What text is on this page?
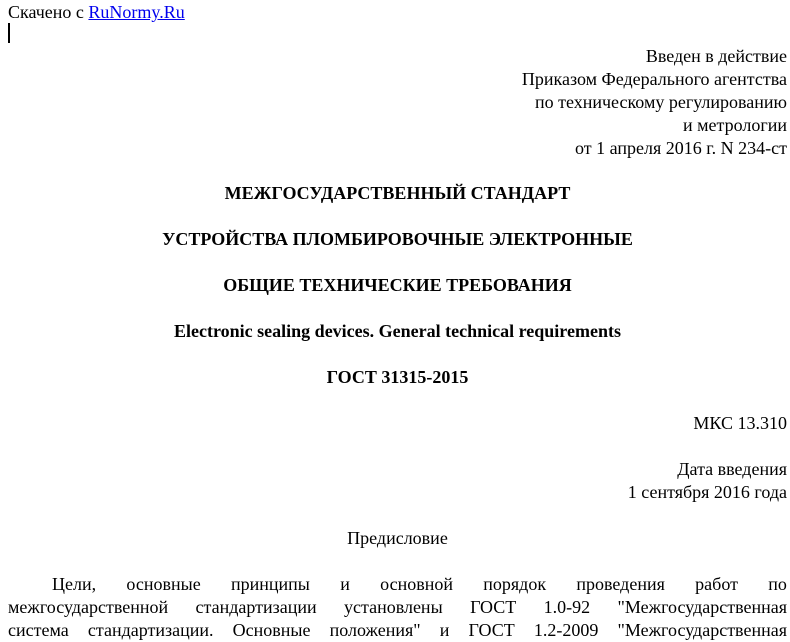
Скачено с RuNormy.Ru
Введен в действие
Приказом Федерального агентства
по техническому регулированию
и метрологии
от 1 апреля 2016 г. N 234-ст
МЕЖГОСУДАРСТВЕННЫЙ СТАНДАРТ
УСТРОЙСТВА ПЛОМБИРОВОЧНЫЕ ЭЛЕКТРОННЫЕ
ОБЩИЕ ТЕХНИЧЕСКИЕ ТРЕБОВАНИЯ
Electronic sealing devices. General technical requirements
ГОСТ 31315-2015
МКС 13.310
Дата введения
1 сентября 2016 года
Предисловие
Цели, основные принципы и основной порядок проведения работ по
межгосударственной стандартизации установлены ГОСТ 1.0-92 "Межгосударственная
система стандартизации. Основные положения" и ГОСТ 1.2-2009 "Межгосударственная
